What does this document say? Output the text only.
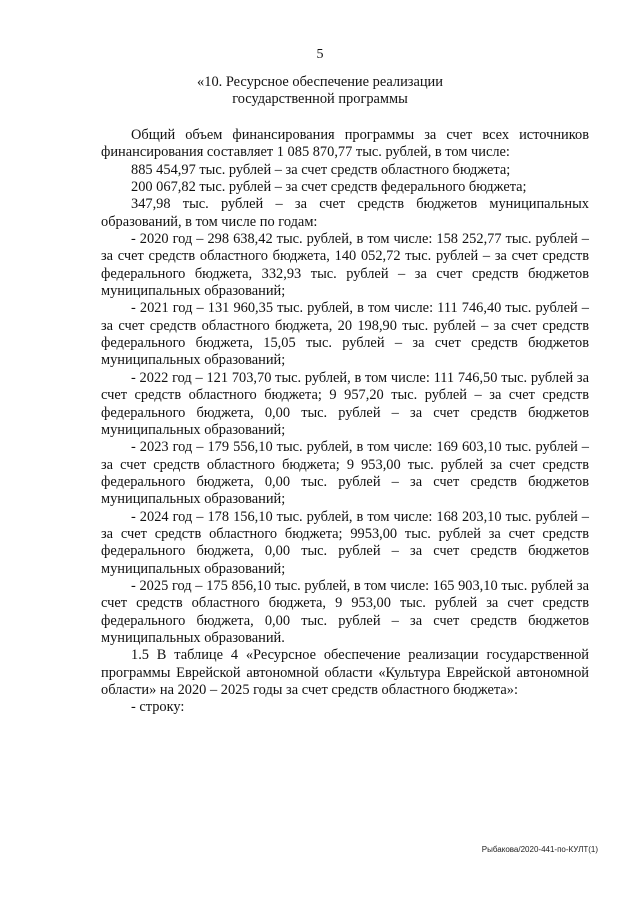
5
«10. Ресурсное обеспечение реализации
государственной программы

Общий объем финансирования программы за счет всех источников финансирования составляет 1 085 870,77 тыс. рублей, в том числе:

885 454,97 тыс. рублей – за счет средств областного бюджета;

200 067,82 тыс. рублей – за счет средств федерального бюджета;

347,98 тыс. рублей – за счет средств бюджетов муниципальных образований, в том числе по годам:

- 2020 год – 298 638,42 тыс. рублей, в том числе: 158 252,77 тыс. рублей – за счет средств областного бюджета, 140 052,72 тыс. рублей – за счет средств федерального бюджета, 332,93 тыс. рублей – за счет средств бюджетов муниципальных образований;

- 2021 год – 131 960,35 тыс. рублей, в том числе: 111 746,40 тыс. рублей – за счет средств областного бюджета, 20 198,90 тыс. рублей – за счет средств федерального бюджета, 15,05 тыс. рублей – за счет средств бюджетов муниципальных образований;

- 2022 год – 121 703,70 тыс. рублей, в том числе: 111 746,50 тыс. рублей за счет средств областного бюджета; 9 957,20 тыс. рублей – за счет средств федерального бюджета, 0,00 тыс. рублей – за счет средств бюджетов муниципальных образований;

- 2023 год – 179 556,10 тыс. рублей, в том числе: 169 603,10 тыс. рублей – за счет средств областного бюджета; 9 953,00 тыс. рублей за счет средств федерального бюджета, 0,00 тыс. рублей – за счет средств бюджетов муниципальных образований;

- 2024 год – 178 156,10 тыс. рублей, в том числе: 168 203,10 тыс. рублей – за счет средств областного бюджета; 9953,00 тыс. рублей за счет средств федерального бюджета, 0,00 тыс. рублей – за счет средств бюджетов муниципальных образований;

- 2025 год – 175 856,10 тыс. рублей, в том числе: 165 903,10 тыс. рублей за счет средств областного бюджета, 9 953,00 тыс. рублей за счет средств федерального бюджета, 0,00 тыс. рублей – за счет средств бюджетов муниципальных образований.

1.5 В таблице 4 «Ресурсное обеспечение реализации государственной программы Еврейской автономной области «Культура Еврейской автономной области» на 2020 – 2025 годы за счет средств областного бюджета»:

- строку:

Рыбакова/2020-441-по-КУЛТ(1)
